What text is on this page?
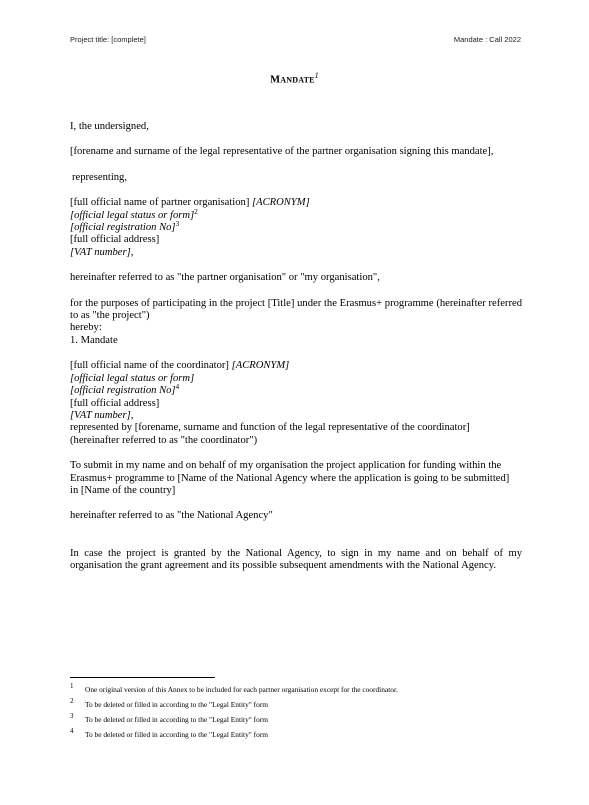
Project title: [complete]	Mandate : Call 2022
MANDATE$^1$

I, the undersigned,

[forename and surname of the legal representative of the partner organisation signing this mandate],

representing,

[full official name of partner organisation] [ACRONYM]

[official legal status or form]$^2$

[official registration No]$^3$

[full official address]

[VAT number],

hereinafter referred to as "the partner organisation" or "my organisation",

for the purposes of participating in the project [Title] under the Erasmus+ programme (hereinafter referred to as "the project")

hereby:

1. Mandate

[full official name of the coordinator] [ACRONYM]

[official legal status or form]

[official registration No]$^4$

[full official address]

[VAT number],

represented by [forename, surname and function of the legal representative of the coordinator]

(hereinafter referred to as "the coordinator")

To submit in my name and on behalf of my organisation the project application for funding within the Erasmus+ programme to [Name of the National Agency where the application is going to be submitted] in [Name of the country]

hereinafter referred to as "the National Agency"

In case the project is granted by the National Agency, to sign in my name and on behalf of my organisation the grant agreement and its possible subsequent amendments with the National Agency.

1 One original version of this Annex to be included for each partner organisation except for the coordinator.
2 To be deleted or filled in according to the "Legal Entity" form
3 To be deleted or filled in according to the "Legal Entity" form
4 To be deleted or filled in according to the "Legal Entity" form
